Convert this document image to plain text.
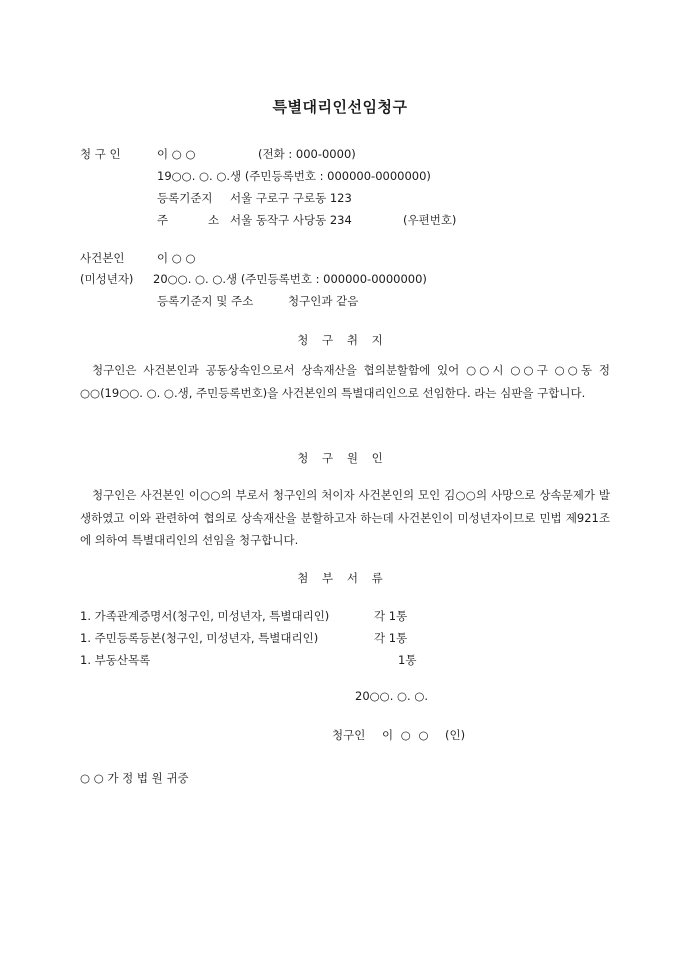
특별대리인선임청구
청 구 인	이 ○ ○	(전화 : 000-0000)
19○○. ○. ○.생 (주민등록번호 : 000000-0000000)
등록기준지 서울 구로구 구로동 123
주	소 서울 동작구 사당동 234	(우편번호)
사건본인	이 ○ ○
(미성년자) 20○○. ○. ○.생 (주민등록번호 : 000000-0000000)
등록기준지 및 주소	청구인과 같음
청 구 취 지
청구인은 사건본인과 공동상속인으로서 상속재산을 협의분할함에 있어 ○○시 ○○구 ○○동 정○○(19○○. ○. ○.생, 주민등록번호)을 사건본인의 특별대리인으로 선임한다. 라는 심판을 구합니다.
청 구 원 인
청구인은 사건본인 이○○의 부로서 청구인의 처이자 사건본인의 모인 김○○의 사망으로 상속문제가 발생하였고 이와 관련하여 협의로 상속재산을 분할하고자 하는데 사건본인이 미성년자이므로 민법 제921조에 의하여 특별대리인의 선임을 청구합니다.
첨 부 서 류
1. 가족관계증명서(청구인, 미성년자, 특별대리인)	각 1통
1. 주민등록등본(청구인, 미성년자, 특별대리인)	각 1통
1. 부동산목록	1통
20○○. ○. ○.
청구인 이 ○ ○ (인)
○ ○ 가 정 법 원 귀중
